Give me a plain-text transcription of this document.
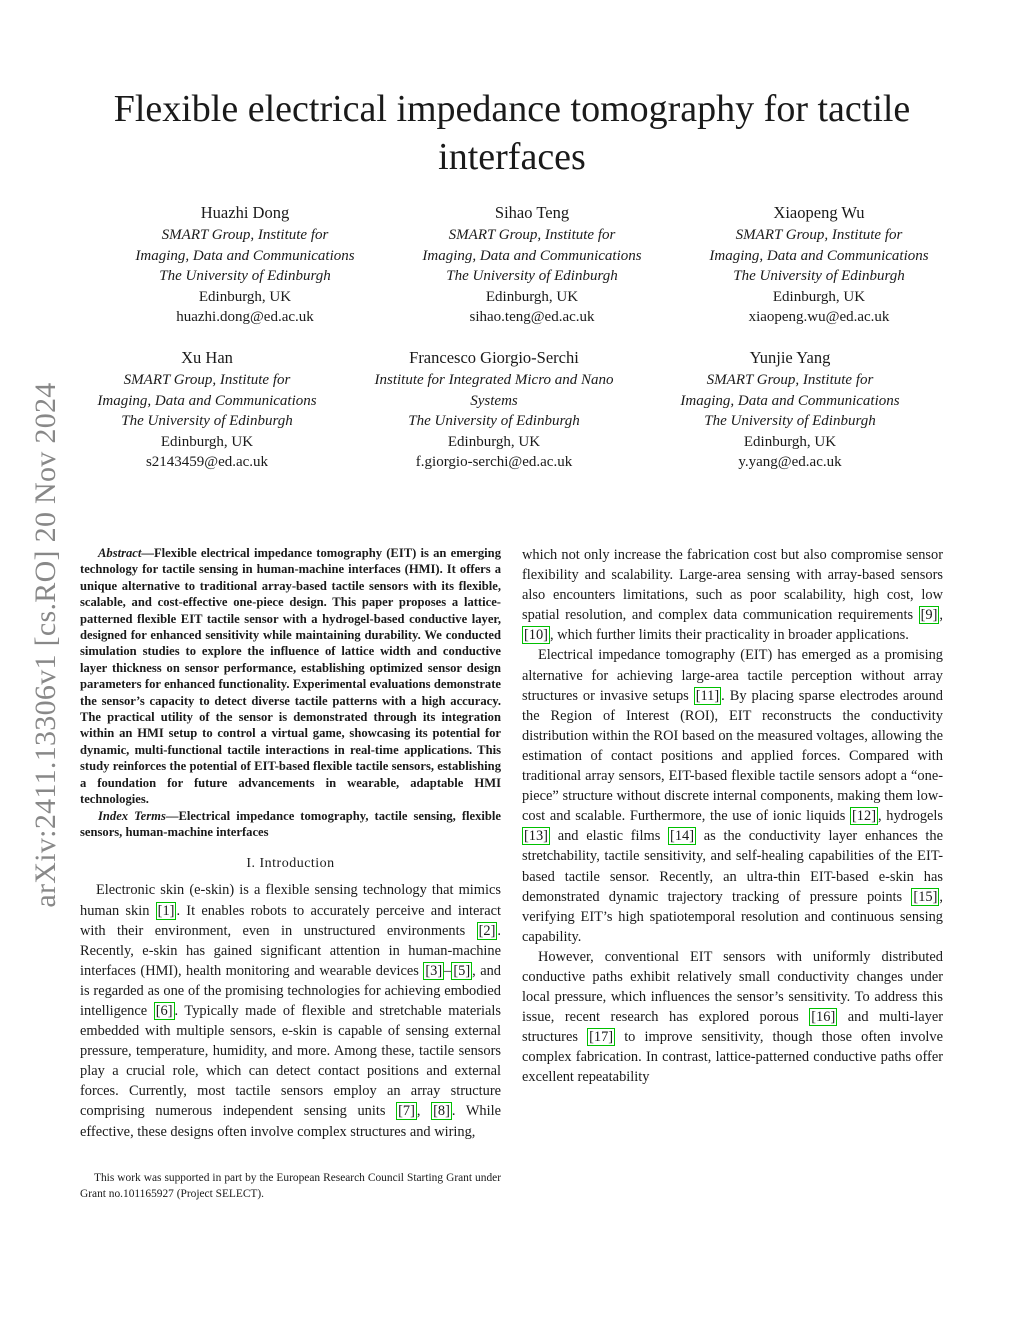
arXiv:2411.13306v1 [cs.RO] 20 Nov 2024
Flexible electrical impedance tomography for tactile interfaces
Huazhi Dong
SMART Group, Institute for
Imaging, Data and Communications
The University of Edinburgh
Edinburgh, UK
huazhi.dong@ed.ac.uk
Sihao Teng
SMART Group, Institute for
Imaging, Data and Communications
The University of Edinburgh
Edinburgh, UK
sihao.teng@ed.ac.uk
Xiaopeng Wu
SMART Group, Institute for
Imaging, Data and Communications
The University of Edinburgh
Edinburgh, UK
xiaopeng.wu@ed.ac.uk
Xu Han
SMART Group, Institute for
Imaging, Data and Communications
The University of Edinburgh
Edinburgh, UK
s2143459@ed.ac.uk
Francesco Giorgio-Serchi
Institute for Integrated Micro and Nano
Systems
The University of Edinburgh
Edinburgh, UK
f.giorgio-serchi@ed.ac.uk
Yunjie Yang
SMART Group, Institute for
Imaging, Data and Communications
The University of Edinburgh
Edinburgh, UK
y.yang@ed.ac.uk

Abstract—Flexible electrical impedance tomography (EIT) is an emerging technology for tactile sensing in human-machine interfaces (HMI). It offers a unique alternative to traditional array-based tactile sensors with its flexible, scalable, and cost-effective one-piece design. This paper proposes a lattice-patterned flexible EIT tactile sensor with a hydrogel-based conductive layer, designed for enhanced sensitivity while maintaining durability. We conducted simulation studies to explore the influence of lattice width and conductive layer thickness on sensor performance, establishing optimized sensor design parameters for enhanced functionality. Experimental evaluations demonstrate the sensor’s capacity to detect diverse tactile patterns with a high accuracy. The practical utility of the sensor is demonstrated through its integration within an HMI setup to control a virtual game, showcasing its potential for dynamic, multi-functional tactile interactions in real-time applications. This study reinforces the potential of EIT-based flexible tactile sensors, establishing a foundation for future advancements in wearable, adaptable HMI technologies.

Index Terms—Electrical impedance tomography, tactile sensing, flexible sensors, human-machine interfaces

I. Introduction

Electronic skin (e-skin) is a flexible sensing technology that mimics human skin [1] . It enables robots to accurately perceive and interact with their environment, even in unstructured environments [2] . Recently, e-skin has gained significant attention in human-machine interfaces (HMI), health monitoring and wearable devices [3] – [5] , and is regarded as one of the promising technologies for achieving embodied intelligence [6] . Typically made of flexible and stretchable materials embedded with multiple sensors, e-skin is capable of sensing external pressure, temperature, humidity, and more. Among these, tactile sensors play a crucial role, which can detect contact positions and external forces. Currently, most tactile sensors employ an array structure comprising numerous independent sensing units [7] , [8] . While effective, these designs often involve complex structures and wiring,

which not only increase the fabrication cost but also compromise sensor flexibility and scalability. Large-area sensing with array-based sensors also encounters limitations, such as poor scalability, high cost, low spatial resolution, and complex data communication requirements [9] , [10] , which further limits their practicality in broader applications.

Electrical impedance tomography (EIT) has emerged as a promising alternative for achieving large-area tactile perception without array structures or invasive setups [11] . By placing sparse electrodes around the Region of Interest (ROI), EIT reconstructs the conductivity distribution within the ROI based on the measured voltages, allowing the estimation of contact positions and applied forces. Compared with traditional array sensors, EIT-based flexible tactile sensors adopt a “one-piece” structure without discrete internal components, making them low-cost and scalable. Furthermore, the use of ionic liquids [12] , hydrogels [13] and elastic films [14] as the conductivity layer enhances the stretchability, tactile sensitivity, and self-healing capabilities of the EIT-based tactile sensor. Recently, an ultra-thin EIT-based e-skin has demonstrated dynamic trajectory tracking of pressure points [15] , verifying EIT’s high spatiotemporal resolution and continuous sensing capability.

However, conventional EIT sensors with uniformly distributed conductive paths exhibit relatively small conductivity changes under local pressure, which influences the sensor’s sensitivity. To address this issue, recent research has explored porous [16] and multi-layer structures [17] to improve sensitivity, though those often involve complex fabrication. In contrast, lattice-patterned conductive paths offer excellent repeatability

This work was supported in part by the European Research Council Starting Grant under Grant no.101165927 (Project SELECT).
